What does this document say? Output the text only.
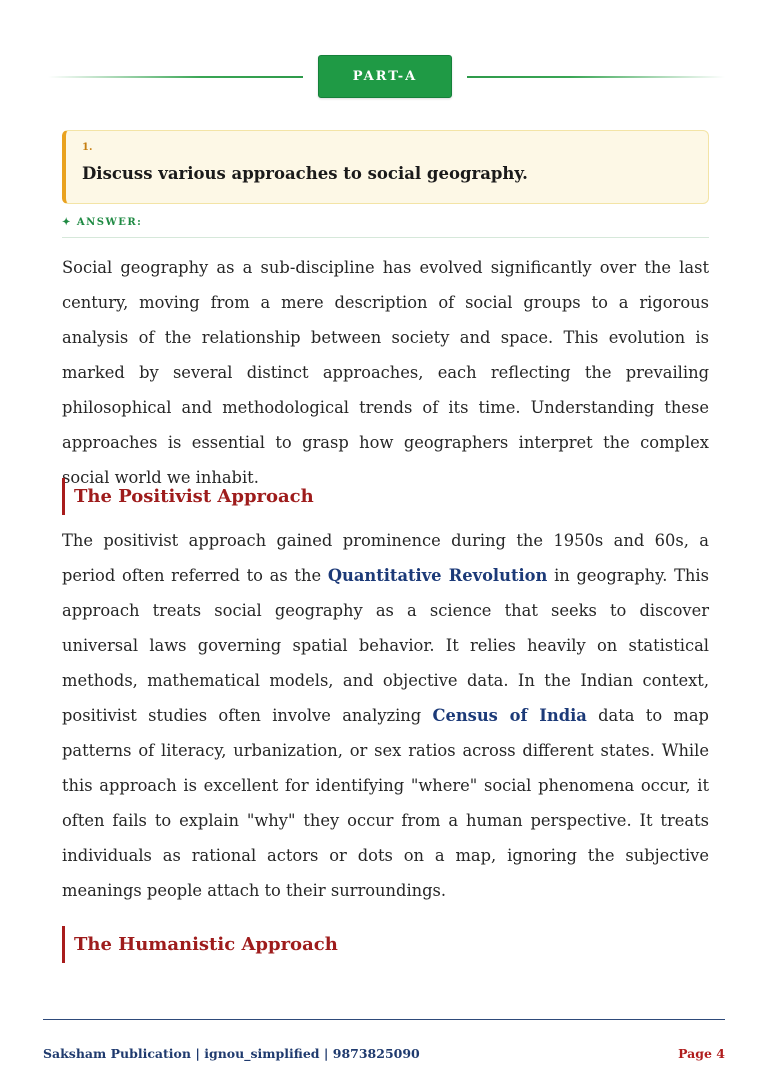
PART-A
1.
Discuss various approaches to social geography.
✦ ANSWER:

Social geography as a sub-discipline has evolved significantly over the last century, moving from a mere description of social groups to a rigorous analysis of the relationship between society and space. This evolution is marked by several distinct approaches, each reflecting the prevailing philosophical and methodological trends of its time. Understanding these approaches is essential to grasp how geographers interpret the complex social world we inhabit.

The Positivist Approach

The positivist approach gained prominence during the 1950s and 60s, a period often referred to as the Quantitative Revolution in geography. This approach treats social geography as a science that seeks to discover universal laws governing spatial behavior. It relies heavily on statistical methods, mathematical models, and objective data. In the Indian context, positivist studies often involve analyzing Census of India data to map patterns of literacy, urbanization, or sex ratios across different states. While this approach is excellent for identifying "where" social phenomena occur, it often fails to explain "why" they occur from a human perspective. It treats individuals as rational actors or dots on a map, ignoring the subjective meanings people attach to their surroundings.

The Humanistic Approach
Saksham Publication | ignou_simplified | 9873825090	Page 4
